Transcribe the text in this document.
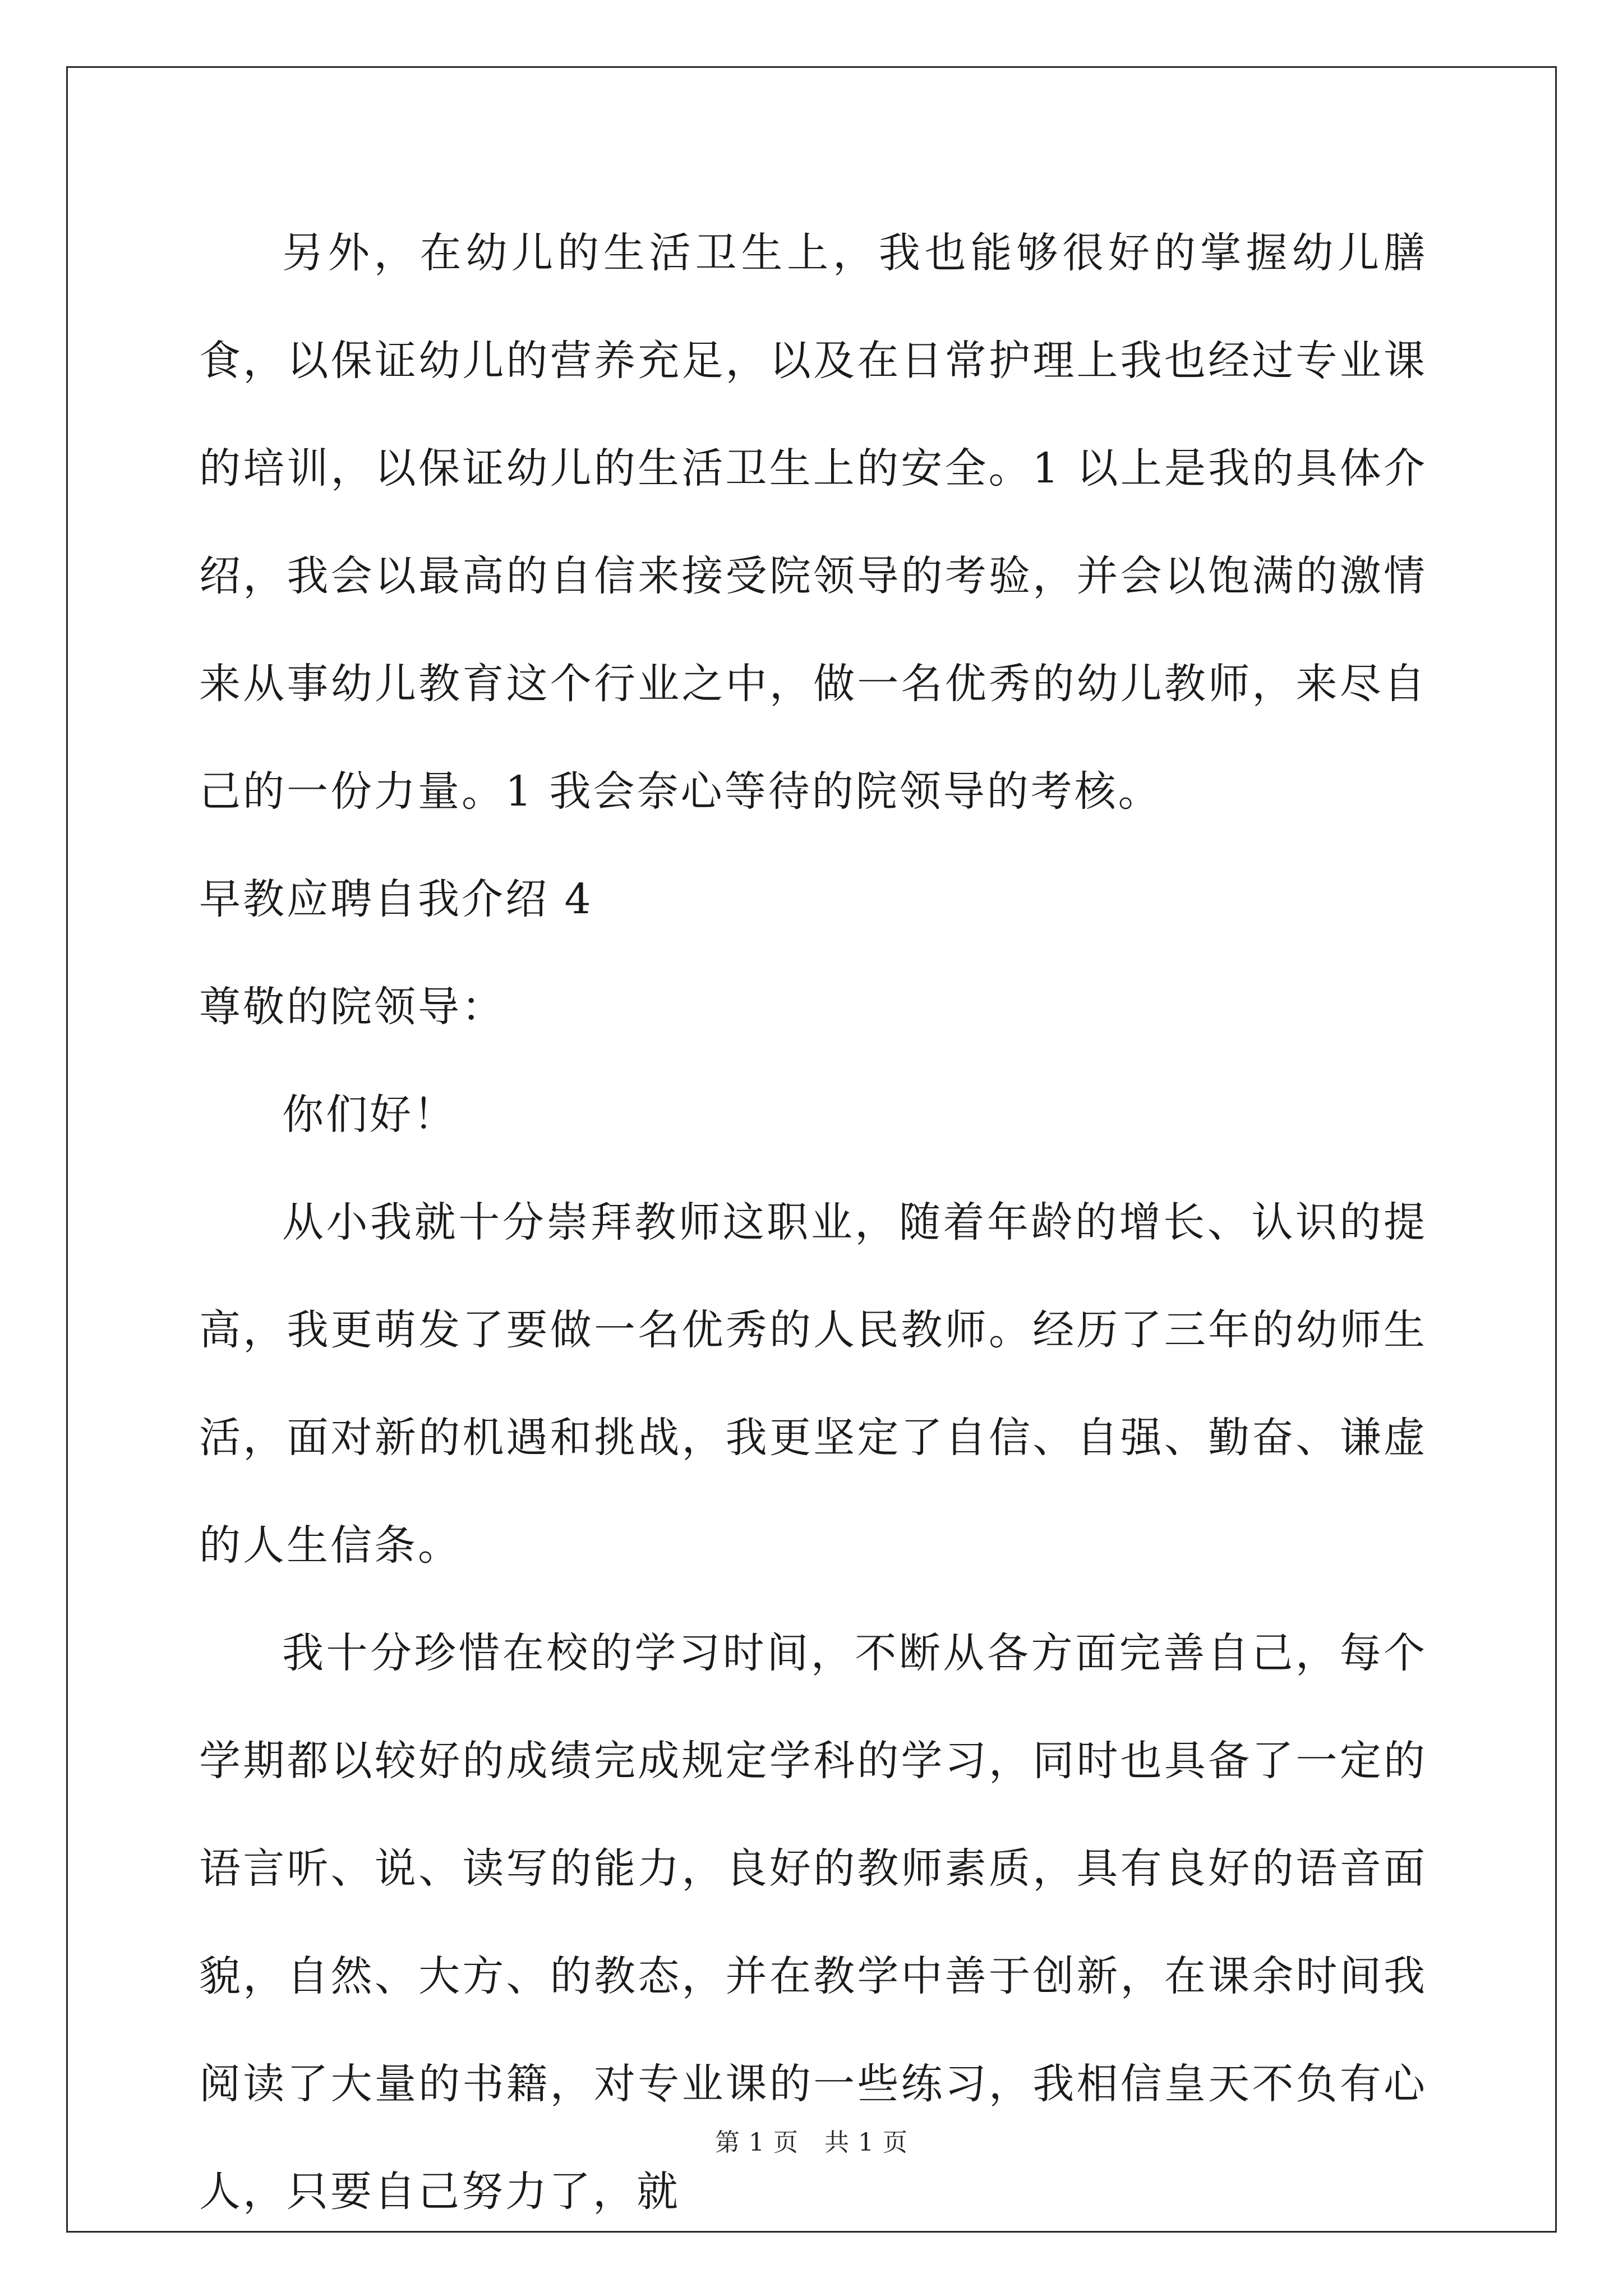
另外，在幼儿的生活卫生上，我也能够很好的掌握幼儿膳食，以保证幼儿的营养充足，以及在日常护理上我也经过专业课的培训，以保证幼儿的生活卫生上的安全。1 以上是我的具体介绍，我会以最高的自信来接受院领导的考验，并会以饱满的激情来从事幼儿教育这个行业之中，做一名优秀的幼儿教师，来尽自己的一份力量。1 我会奈心等待的院领导的考核。

早教应聘自我介绍 4

尊敬的院领导：

你们好！

从小我就十分崇拜教师这职业，随着年龄的增长、认识的提高，我更萌发了要做一名优秀的人民教师。经历了三年的幼师生活，面对新的机遇和挑战，我更坚定了自信、自强、勤奋、谦虚的人生信条。

我十分珍惜在校的学习时间，不断从各方面完善自己，每个学期都以较好的成绩完成规定学科的学习，同时也具备了一定的语言听、说、读写的能力，良好的教师素质，具有良好的语音面貌，自然、大方、的教态，并在教学中善于创新，在课余时间我阅读了大量的书籍，对专业课的一些练习，我相信皇天不负有心人，只要自己努力了，就

第 1 页 共 1 页
